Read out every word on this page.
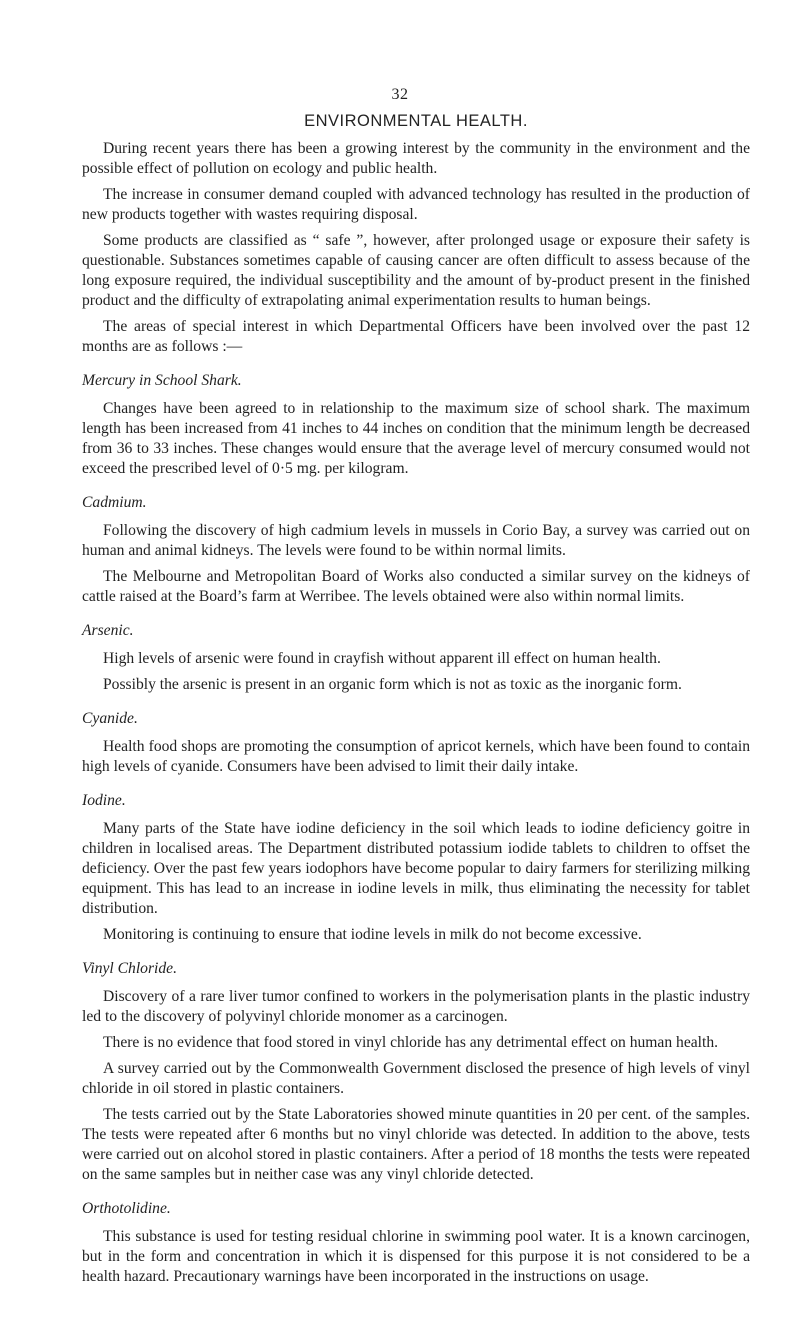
32
ENVIRONMENTAL HEALTH.

During recent years there has been a growing interest by the community in the environment and the possible effect of pollution on ecology and public health.

The increase in consumer demand coupled with advanced technology has resulted in the production of new products together with wastes requiring disposal.

Some products are classified as “ safe ”, however, after prolonged usage or exposure their safety is questionable. Substances sometimes capable of causing cancer are often difficult to assess because of the long exposure required, the individual susceptibility and the amount of by-product present in the finished product and the difficulty of extrapolating animal experimentation results to human beings.

The areas of special interest in which Departmental Officers have been involved over the past 12 months are as follows :—

Mercury in School Shark.

Changes have been agreed to in relationship to the maximum size of school shark. The maximum length has been increased from 41 inches to 44 inches on condition that the minimum length be decreased from 36 to 33 inches. These changes would ensure that the average level of mercury consumed would not exceed the prescribed level of 0·5 mg. per kilogram.

Cadmium.

Following the discovery of high cadmium levels in mussels in Corio Bay, a survey was carried out on human and animal kidneys. The levels were found to be within normal limits.

The Melbourne and Metropolitan Board of Works also conducted a similar survey on the kidneys of cattle raised at the Board’s farm at Werribee. The levels obtained were also within normal limits.

Arsenic.

High levels of arsenic were found in crayfish without apparent ill effect on human health.

Possibly the arsenic is present in an organic form which is not as toxic as the inorganic form.

Cyanide.

Health food shops are promoting the consumption of apricot kernels, which have been found to contain high levels of cyanide. Consumers have been advised to limit their daily intake.

Iodine.

Many parts of the State have iodine deficiency in the soil which leads to iodine deficiency goitre in children in localised areas. The Department distributed potassium iodide tablets to children to offset the deficiency. Over the past few years iodophors have become popular to dairy farmers for sterilizing milking equipment. This has lead to an increase in iodine levels in milk, thus eliminating the necessity for tablet distribution.

Monitoring is continuing to ensure that iodine levels in milk do not become excessive.

Vinyl Chloride.

Discovery of a rare liver tumor confined to workers in the polymerisation plants in the plastic industry led to the discovery of polyvinyl chloride monomer as a carcinogen.

There is no evidence that food stored in vinyl chloride has any detrimental effect on human health.

A survey carried out by the Commonwealth Government disclosed the presence of high levels of vinyl chloride in oil stored in plastic containers.

The tests carried out by the State Laboratories showed minute quantities in 20 per cent. of the samples. The tests were repeated after 6 months but no vinyl chloride was detected. In addition to the above, tests were carried out on alcohol stored in plastic containers. After a period of 18 months the tests were repeated on the same samples but in neither case was any vinyl chloride detected.

Orthotolidine.

This substance is used for testing residual chlorine in swimming pool water. It is a known carcinogen, but in the form and concentration in which it is dispensed for this purpose it is not considered to be a health hazard. Precautionary warnings have been incorporated in the instructions on usage.
